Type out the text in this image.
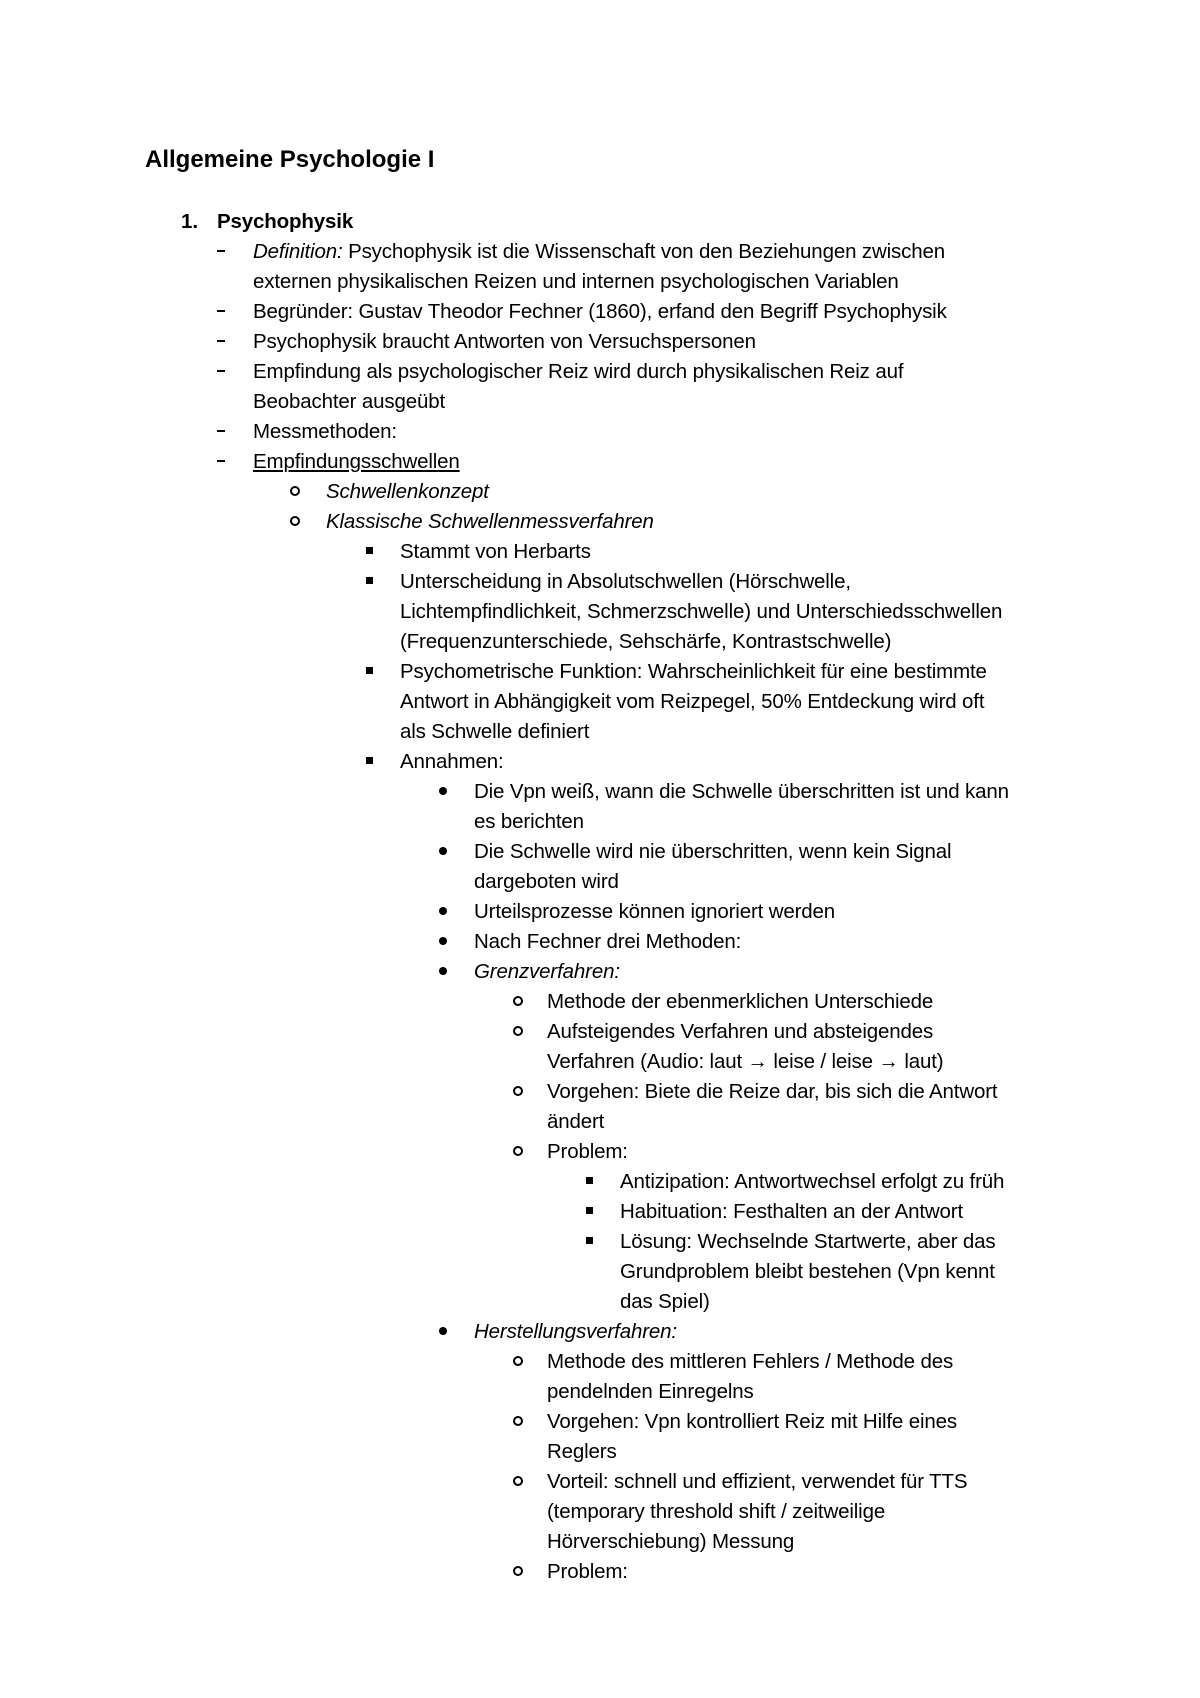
Allgemeine Psychologie I
1. Psychophysik
Definition: Psychophysik ist die Wissenschaft von den Beziehungen zwischen
externen physikalischen Reizen und internen psychologischen Variablen
Begründer: Gustav Theodor Fechner (1860), erfand den Begriff Psychophysik
Psychophysik braucht Antworten von Versuchspersonen
Empfindung als psychologischer Reiz wird durch physikalischen Reiz auf
Beobachter ausgeübt
Messmethoden:
Empfindungsschwellen
Schwellenkonzept
Klassische Schwellenmessverfahren
Stammt von Herbarts
Unterscheidung in Absolutschwellen (Hörschwelle,
Lichtempfindlichkeit, Schmerzschwelle) und Unterschiedsschwellen
(Frequenzunterschiede, Sehschärfe, Kontrastschwelle)
Psychometrische Funktion: Wahrscheinlichkeit für eine bestimmte
Antwort in Abhängigkeit vom Reizpegel, 50% Entdeckung wird oft
als Schwelle definiert
Annahmen:
Die Vpn weiß, wann die Schwelle überschritten ist und kann
es berichten
Die Schwelle wird nie überschritten, wenn kein Signal
dargeboten wird
Urteilsprozesse können ignoriert werden
Nach Fechner drei Methoden:
Grenzverfahren:
Methode der ebenmerklichen Unterschiede
Aufsteigendes Verfahren und absteigendes
Verfahren (Audio: laut → leise / leise → laut)
Vorgehen: Biete die Reize dar, bis sich die Antwort
ändert
Problem:
Antizipation: Antwortwechsel erfolgt zu früh
Habituation: Festhalten an der Antwort
Lösung: Wechselnde Startwerte, aber das
Grundproblem bleibt bestehen (Vpn kennt
das Spiel)
Herstellungsverfahren:
Methode des mittleren Fehlers / Methode des
pendelnden Einregelns
Vorgehen: Vpn kontrolliert Reiz mit Hilfe eines
Reglers
Vorteil: schnell und effizient, verwendet für TTS
(temporary threshold shift / zeitweilige
Hörverschiebung) Messung
Problem:
